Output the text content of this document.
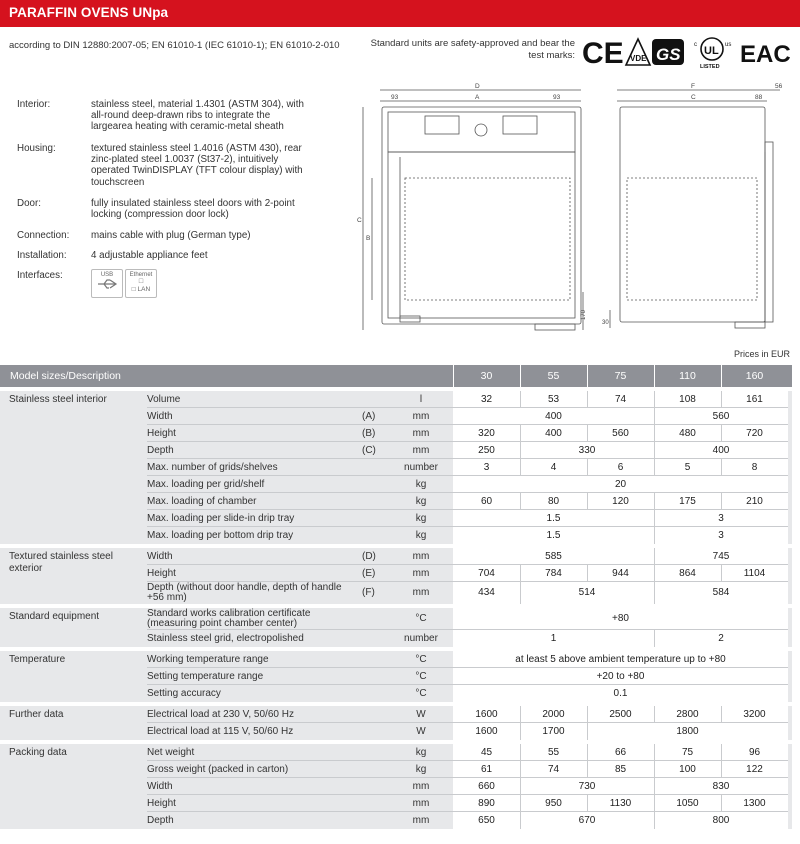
PARAFFIN OVENS UNpa
according to DIN 12880:2007-05; EN 61010-1 (IEC 61010-1); EN 61010-2-010	Standard units are safety-approved and bear the test marks: CE VDE GS UL
c	us
LISTED EAC
Interior:	stainless steel, material 1.4301 (ASTM 304), with all-round deep-drawn ribs to integrate the largearea heating with ceramic-metal sheath
Housing:	textured stainless steel 1.4016 (ASTM 430), rear zinc-plated steel 1.0037 (St37-2), intuitively operated TwinDISPLAY (TFT colour display) with touchscreen
Door:	fully insulated stainless steel doors with 2-point locking (compression door lock)
Connection: mains cable with plug (German type)
Installation: 4 adjustable appliance feet
Interfaces:	USB	Ethernet
□
□ LAN
D
93	A	93
C
B
170
F	56
C	88
30
Prices in EUR
Model sizes/Description	30	55	75	110	160
Stainless steel interior	Volume	l	32	53	74	108	161
Width	(A)	mm	400	560
Height	(B)	mm	320	400	560	480	720
Depth	(C)	mm	250	330	400
Max. number of grids/shelves	number	3	4	6	5	8
Max. loading per grid/shelf	kg	20
Max. loading of chamber	kg	60	80	120	175	210
Max. loading per slide-in drip tray	kg	1.5	3
Max. loading per bottom drip tray	kg	1.5	3
Textured stainless steel exterior
Width	(D)	mm	585	745
Height	(E)	mm	704	784	944	864	1104
Depth (without door handle, depth of handle +56 mm)	(F)	mm	434	514	584
Standard equipment	Standard works calibration certificate (measuring point chamber center)	°C	+80
Stainless steel grid, electropolished	number	1	2
Temperature	Working temperature range	°C	at least 5 above ambient temperature up to +80
Setting temperature range	°C	+20 to +80
Setting accuracy	°C	0.1
Further data	Electrical load at 230 V, 50/60 Hz	W	1600	2000	2500	2800	3200
Electrical load at 115 V, 50/60 Hz	W	1600	1700	1800
Packing data	Net weight	kg	45	55	66	75	96
Gross weight (packed in carton)	kg	61	74	85	100	122
Width	mm	660	730	830
Height	mm	890	950	1130	1050	1300
Depth	mm	650	670	800
